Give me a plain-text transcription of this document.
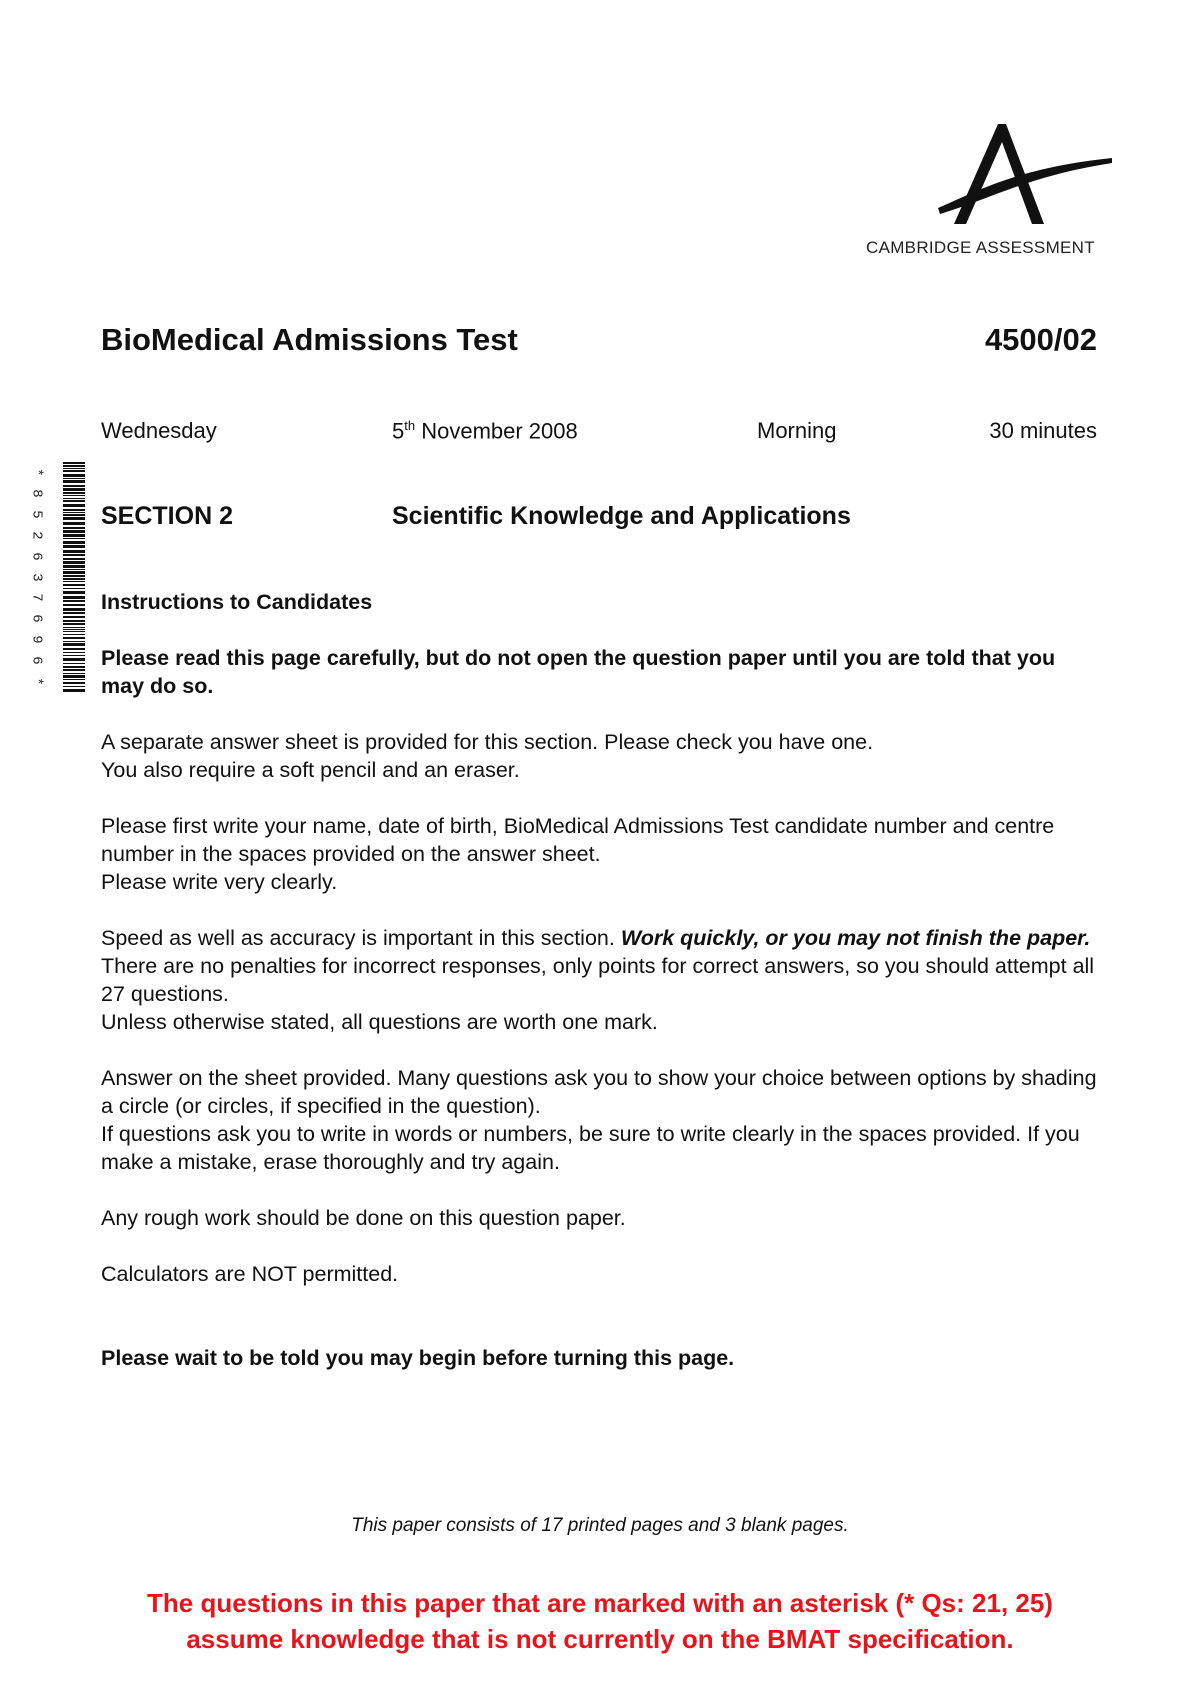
CAMBRIDGE ASSESSMENT
BioMedical Admissions Test	4500/02
Wednesday	5th November 2008	Morning	30 minutes
SECTION 2	Scientific Knowledge and Applications
*
8
5
2
6
3
7
6
9
6
*

Instructions to Candidates

Please read this page carefully, but do not open the question paper until you are told that you may do so.

A separate answer sheet is provided for this section. Please check you have one.
You also require a soft pencil and an eraser.

Please first write your name, date of birth, BioMedical Admissions Test candidate number and centre number in the spaces provided on the answer sheet.
Please write very clearly.

Speed as well as accuracy is important in this section. Work quickly, or you may not finish the paper. There are no penalties for incorrect responses, only points for correct answers, so you should attempt all 27 questions.
Unless otherwise stated, all questions are worth one mark.

Answer on the sheet provided. Many questions ask you to show your choice between options by shading a circle (or circles, if specified in the question).
If questions ask you to write in words or numbers, be sure to write clearly in the spaces provided. If you make a mistake, erase thoroughly and try again.

Any rough work should be done on this question paper.

Calculators are NOT permitted.

Please wait to be told you may begin before turning this page.

This paper consists of 17 printed pages and 3 blank pages.
The questions in this paper that are marked with an asterisk (* Qs: 21, 25)
assume knowledge that is not currently on the BMAT specification.
